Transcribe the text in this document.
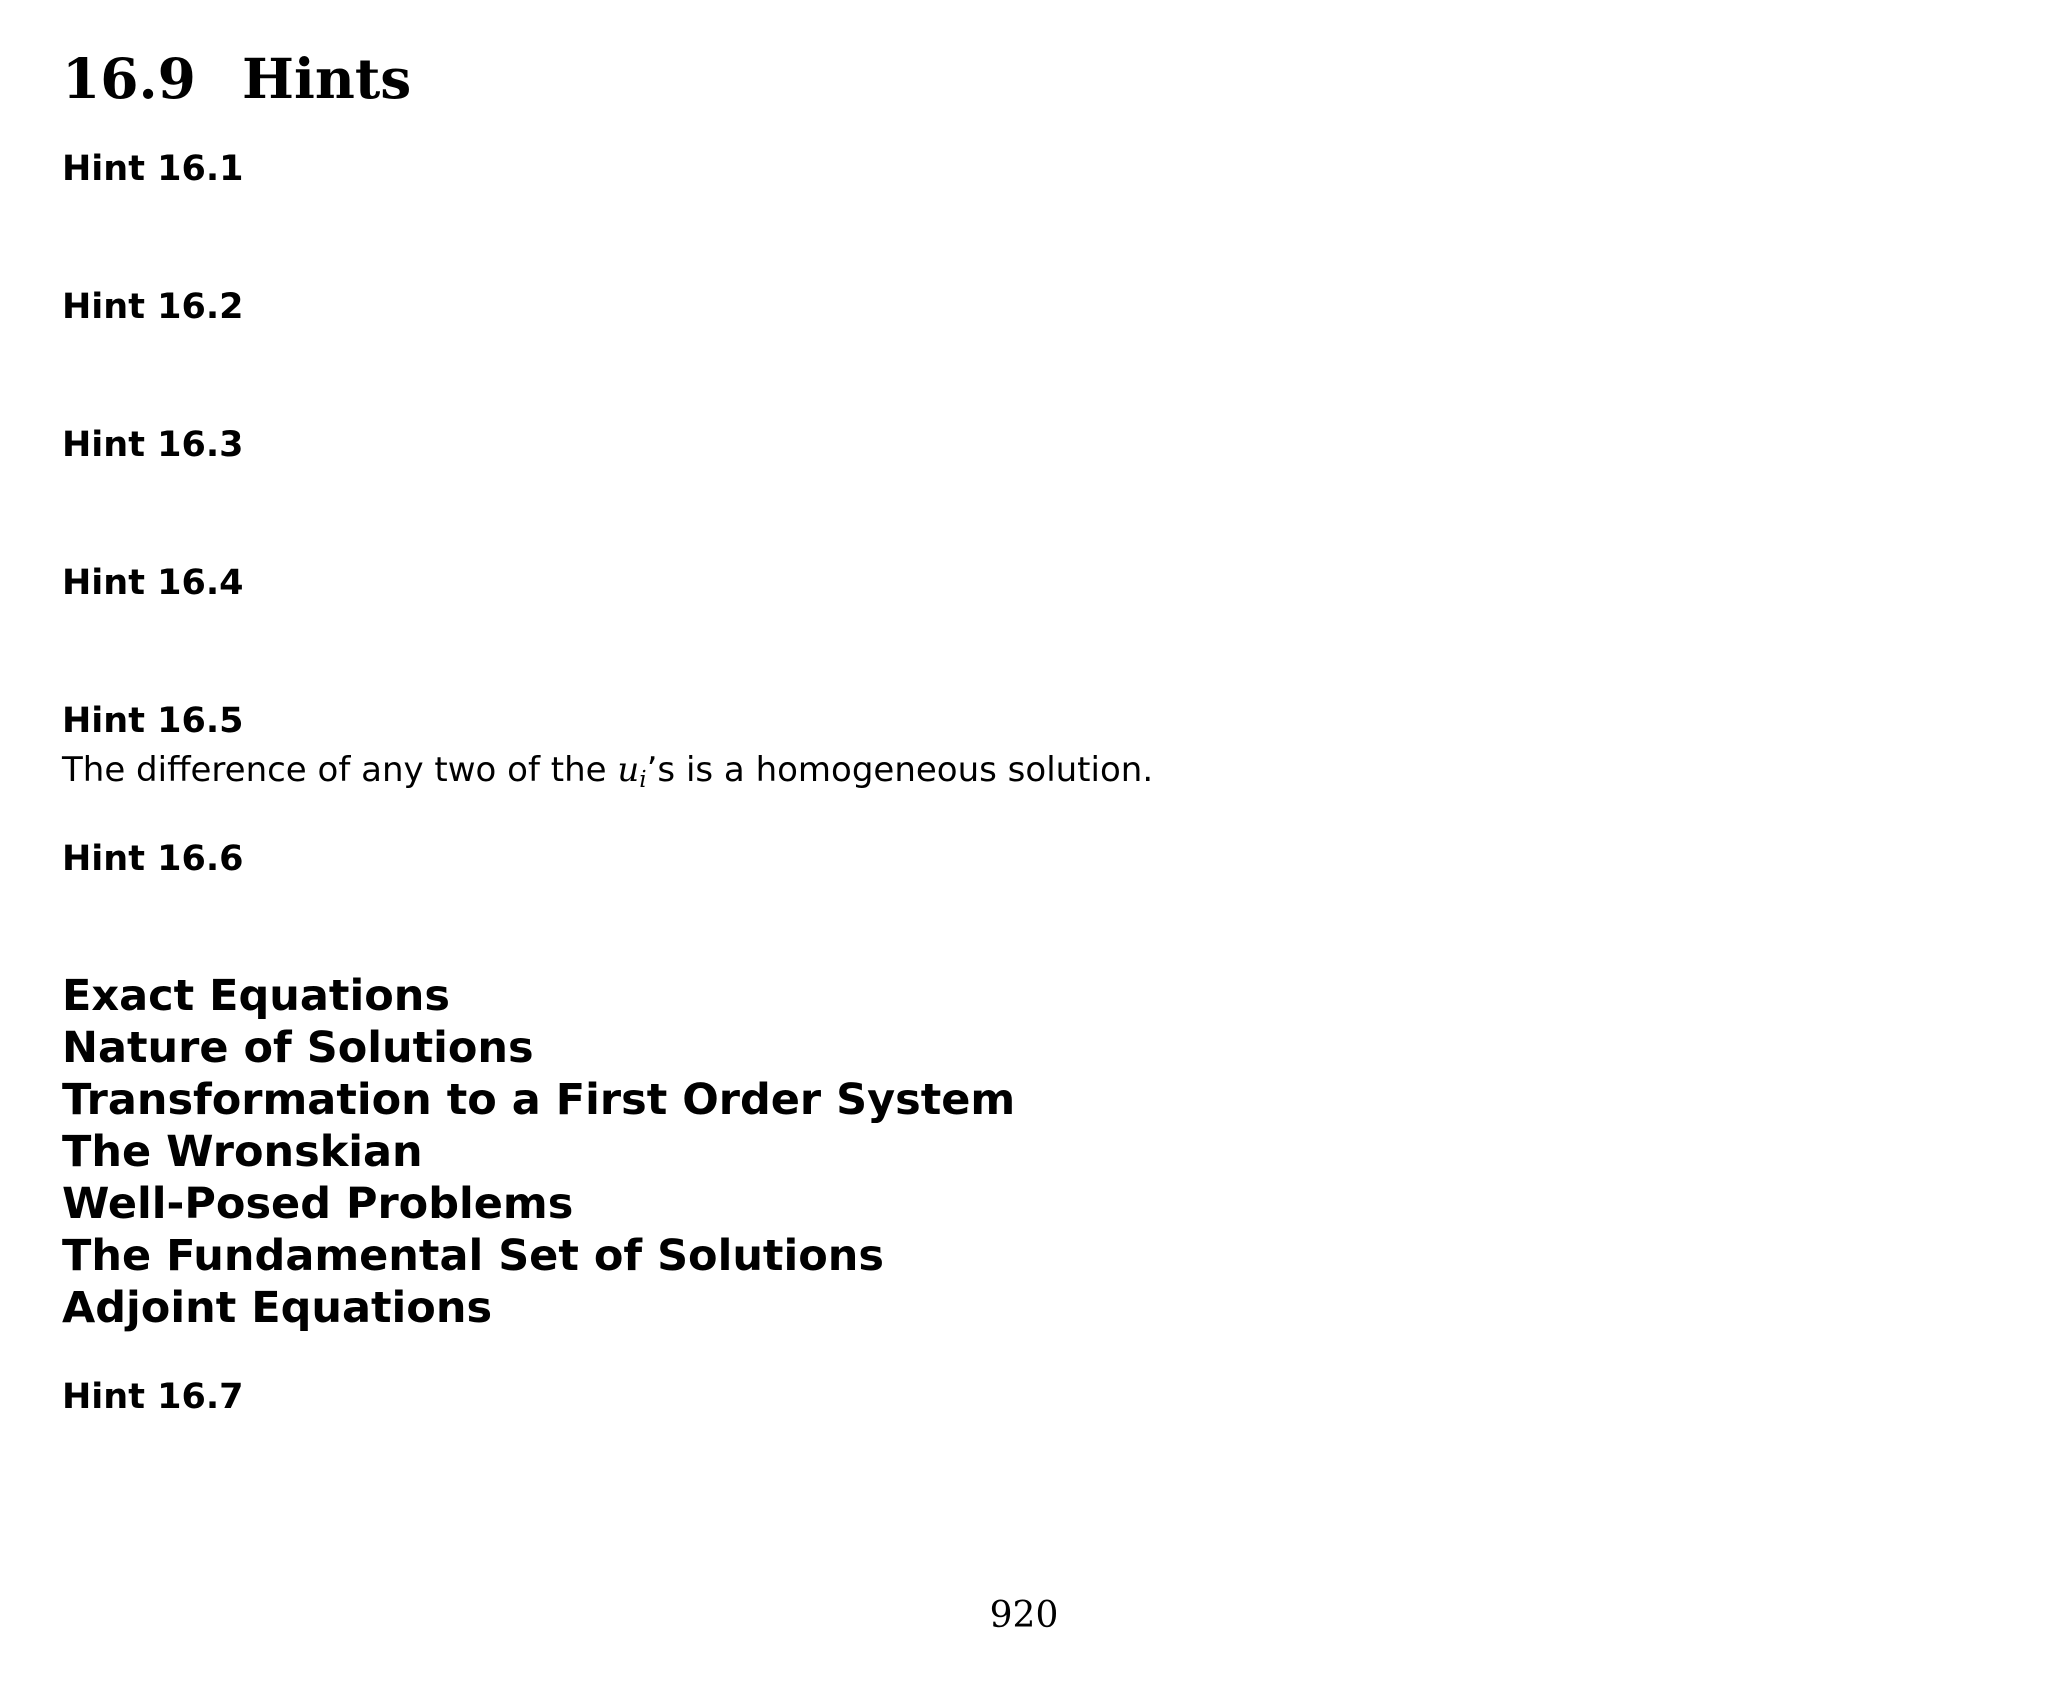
16.9 Hints
Hint 16.1
Hint 16.2
Hint 16.3
Hint 16.4
Hint 16.5

The difference of any two of the $u_i’s$ is a homogeneous solution.

Hint 16.6
Exact Equations
Nature of Solutions
Transformation to a First Order System
The Wronskian
Well-Posed Problems
The Fundamental Set of Solutions
Adjoint Equations
Hint 16.7
920
